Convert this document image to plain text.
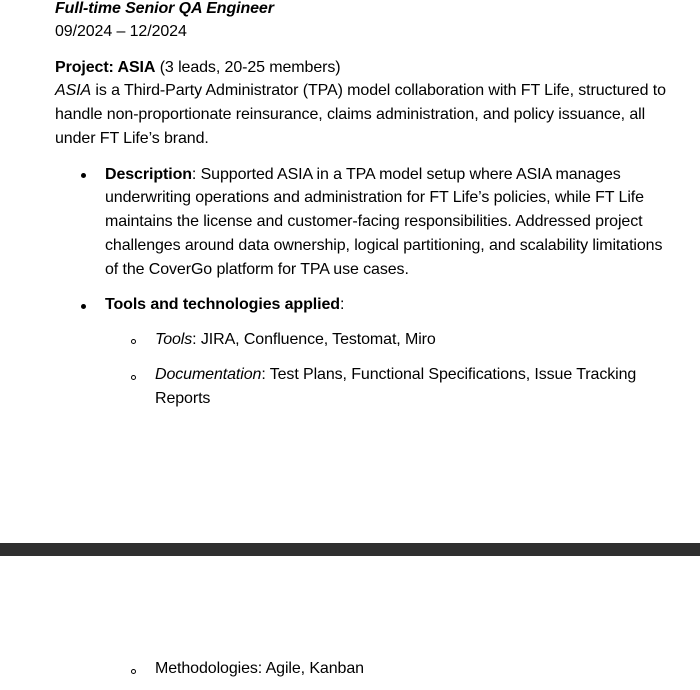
Full-time Senior QA Engineer
09/2024 – 12/2024
Project: ASIA (3 leads, 20-25 members)
ASIA is a Third-Party Administrator (TPA) model collaboration with FT Life, structured to
handle non-proportionate reinsurance, claims administration, and policy issuance, all
under FT Life’s brand.
Description: Supported ASIA in a TPA model setup where ASIA manages
underwriting operations and administration for FT Life’s policies, while FT Life
maintains the license and customer-facing responsibilities. Addressed project
challenges around data ownership, logical partitioning, and scalability limitations
of the CoverGo platform for TPA use cases.
Tools and technologies applied:
Tools: JIRA, Confluence, Testomat, Miro
Documentation: Test Plans, Functional Specifications, Issue Tracking
Reports
Methodologies: Agile, Kanban
